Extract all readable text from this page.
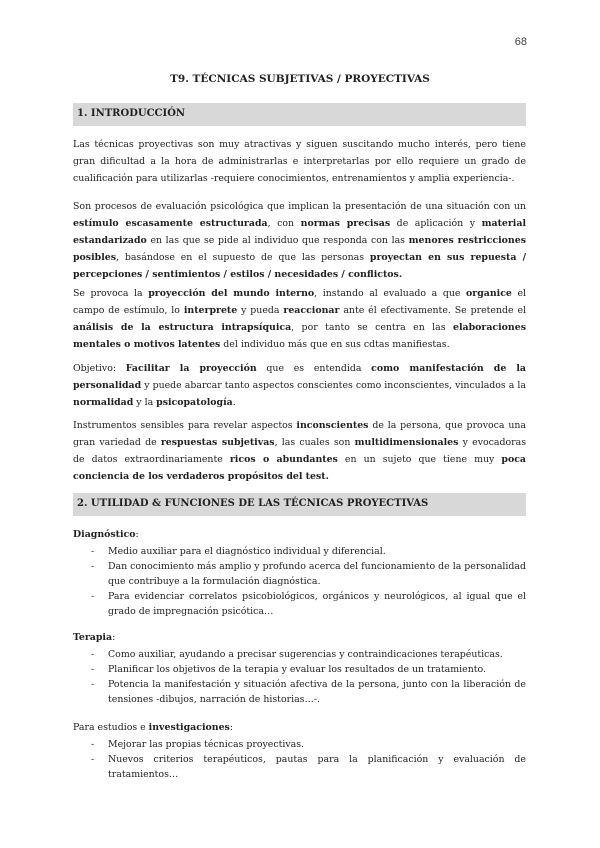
68
T9. TÉCNICAS SUBJETIVAS / PROYECTIVAS
1. INTRODUCCIÓN

Las técnicas proyectivas son muy atractivas y siguen suscitando mucho interés, pero tiene gran dificultad a la hora de administrarlas e interpretarlas por ello requiere un grado de cualificación para utilizarlas -requiere conocimientos, entrenamientos y amplia experiencia-.

Son procesos de evaluación psicológica que implican la presentación de una situación con un estímulo escasamente estructurada, con normas precisas de aplicación y material estandarizado en las que se pide al individuo que responda con las menores restricciones posibles, basándose en el supuesto de que las personas proyectan en sus repuesta / percepciones / sentimientos / estilos / necesidades / conflictos.

Se provoca la proyección del mundo interno, instando al evaluado a que organice el campo de estímulo, lo interprete y pueda reaccionar ante él efectivamente. Se pretende el análisis de la estructura intrapsíquica, por tanto se centra en las elaboraciones mentales o motivos latentes del individuo más que en sus cdtas manifiestas.

Objetivo: Facilitar la proyección que es entendida como manifestación de la personalidad y puede abarcar tanto aspectos conscientes como inconscientes, vinculados a la normalidad y la psicopatología.

Instrumentos sensibles para revelar aspectos inconscientes de la persona, que provoca una gran variedad de respuestas subjetivas, las cuales son multidimensionales y evocadoras de datos extraordinariamente ricos o abundantes en un sujeto que tiene muy poca conciencia de los verdaderos propósitos del test.

2. UTILIDAD & FUNCIONES DE LAS TÉCNICAS PROYECTIVAS
Diagnóstico:
- Medio auxiliar para el diagnóstico individual y diferencial.
- Dan conocimiento más amplio y profundo acerca del funcionamiento de la personalidad que contribuye a la formulación diagnóstica.
- Para evidenciar correlatos psicobiológicos, orgánicos y neurológicos, al igual que el grado de impregnación psicótica…
Terapia:
- Como auxiliar, ayudando a precisar sugerencias y contraindicaciones terapéuticas.
- Planificar los objetivos de la terapia y evaluar los resultados de un tratamiento.
- Potencia la manifestación y situación afectiva de la persona, junto con la liberación de tensiones -dibujos, narración de historias…-.
Para estudios e investigaciones:
- Mejorar las propias técnicas proyectivas.
- Nuevos criterios terapéuticos, pautas para la planificación y evaluación de tratamientos…
